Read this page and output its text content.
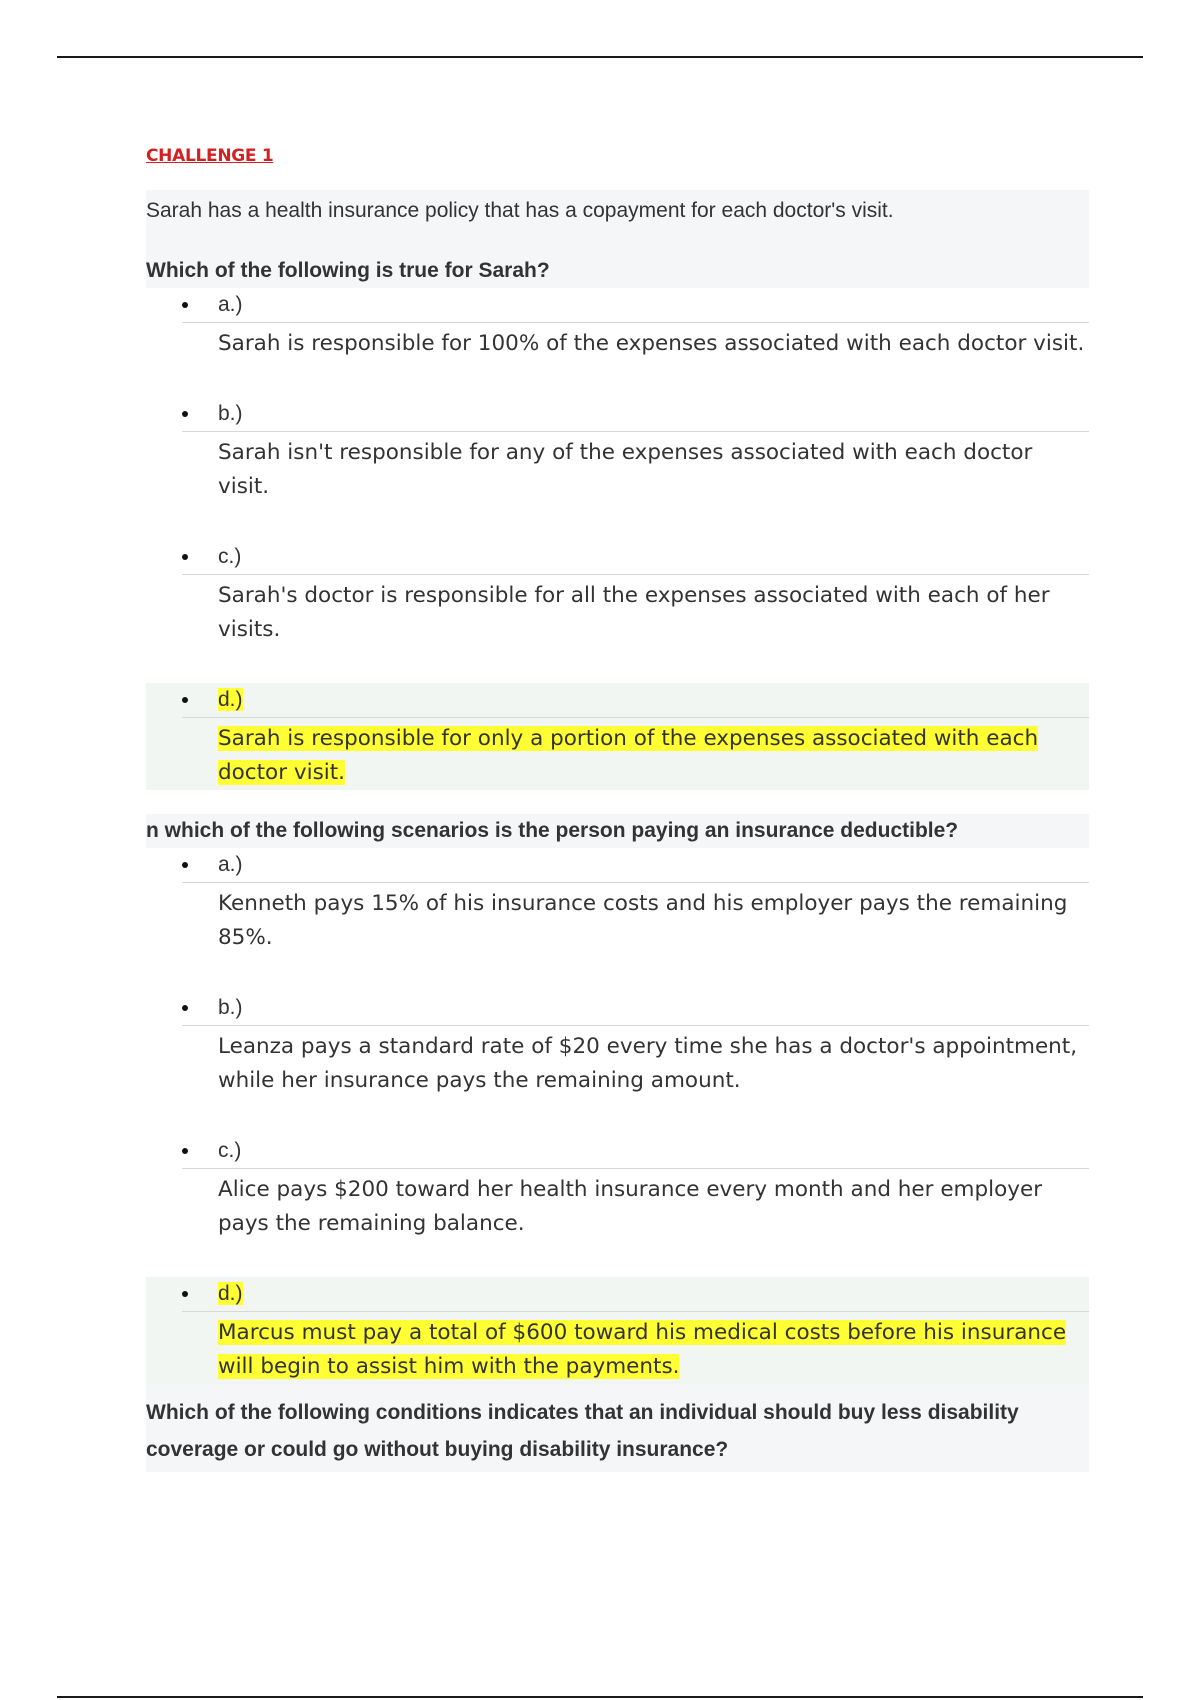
CHALLENGE 1

Sarah has a health insurance policy that has a copayment for each doctor's visit.

Which of the following is true for Sarah?

a.)

Sarah is responsible for 100% of the expenses associated with each doctor visit.

b.)

Sarah isn't responsible for any of the expenses associated with each doctor visit.

c.)

Sarah's doctor is responsible for all the expenses associated with each of her visits.

d.)

Sarah is responsible for only a portion of the expenses associated with each doctor visit.

n which of the following scenarios is the person paying an insurance deductible?

a.)

Kenneth pays 15% of his insurance costs and his employer pays the remaining 85%.

b.)

Leanza pays a standard rate of $20 every time she has a doctor's appointment, while her insurance pays the remaining amount.

c.)

Alice pays $200 toward her health insurance every month and her employer pays the remaining balance.

d.)

Marcus must pay a total of $600 toward his medical costs before his insurance will begin to assist him with the payments.

Which of the following conditions indicates that an individual should buy less disability coverage or could go without buying disability insurance?
